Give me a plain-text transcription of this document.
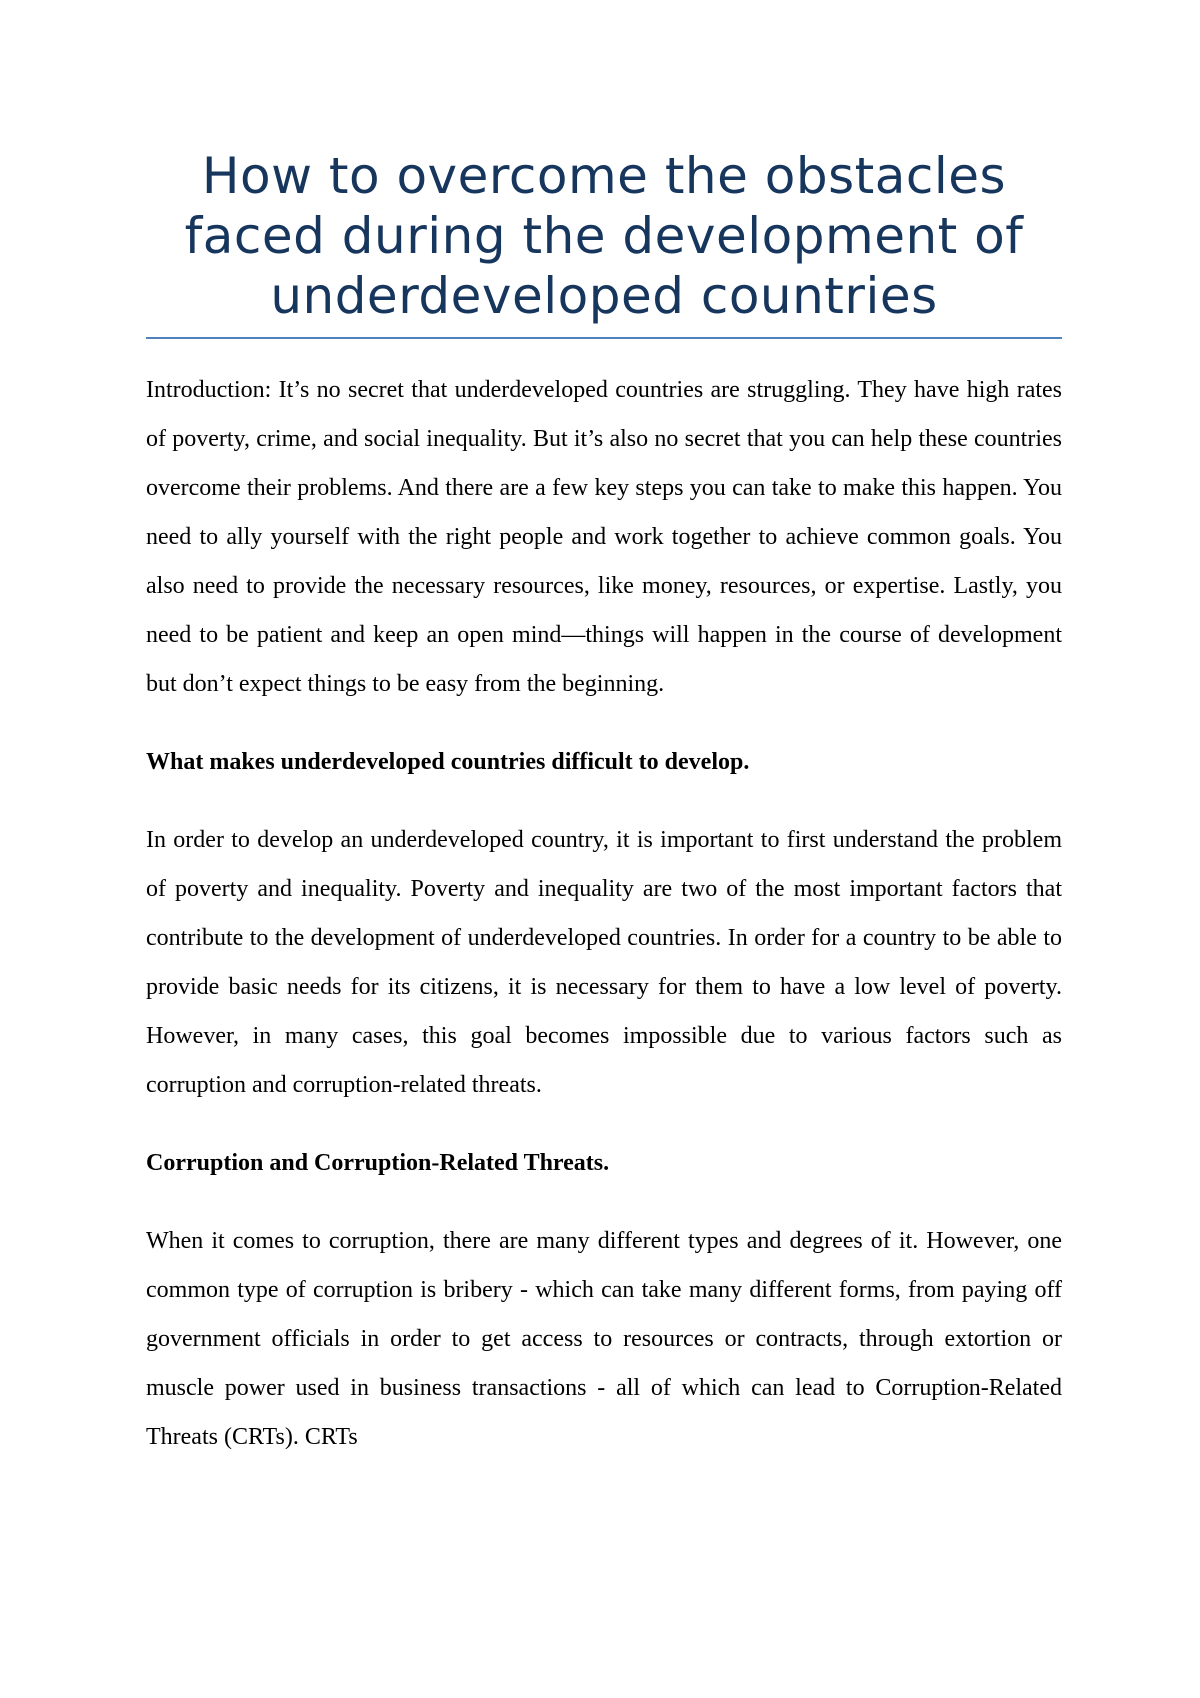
How to overcome the obstacles faced during the development of underdeveloped countries

Introduction: It’s no secret that underdeveloped countries are struggling. They have high rates of poverty, crime, and social inequality. But it’s also no secret that you can help these countries overcome their problems. And there are a few key steps you can take to make this happen. You need to ally yourself with the right people and work together to achieve common goals. You also need to provide the necessary resources, like money, resources, or expertise. Lastly, you need to be patient and keep an open mind—things will happen in the course of development but don’t expect things to be easy from the beginning.

What makes underdeveloped countries difficult to develop.

In order to develop an underdeveloped country, it is important to first understand the problem of poverty and inequality. Poverty and inequality are two of the most important factors that contribute to the development of underdeveloped countries. In order for a country to be able to provide basic needs for its citizens, it is necessary for them to have a low level of poverty. However, in many cases, this goal becomes impossible due to various factors such as corruption and corruption-related threats.

Corruption and Corruption-Related Threats.

When it comes to corruption, there are many different types and degrees of it. However, one common type of corruption is bribery - which can take many different forms, from paying off government officials in order to get access to resources or contracts, through extortion or muscle power used in business transactions - all of which can lead to Corruption-Related Threats (CRTs). CRTs
